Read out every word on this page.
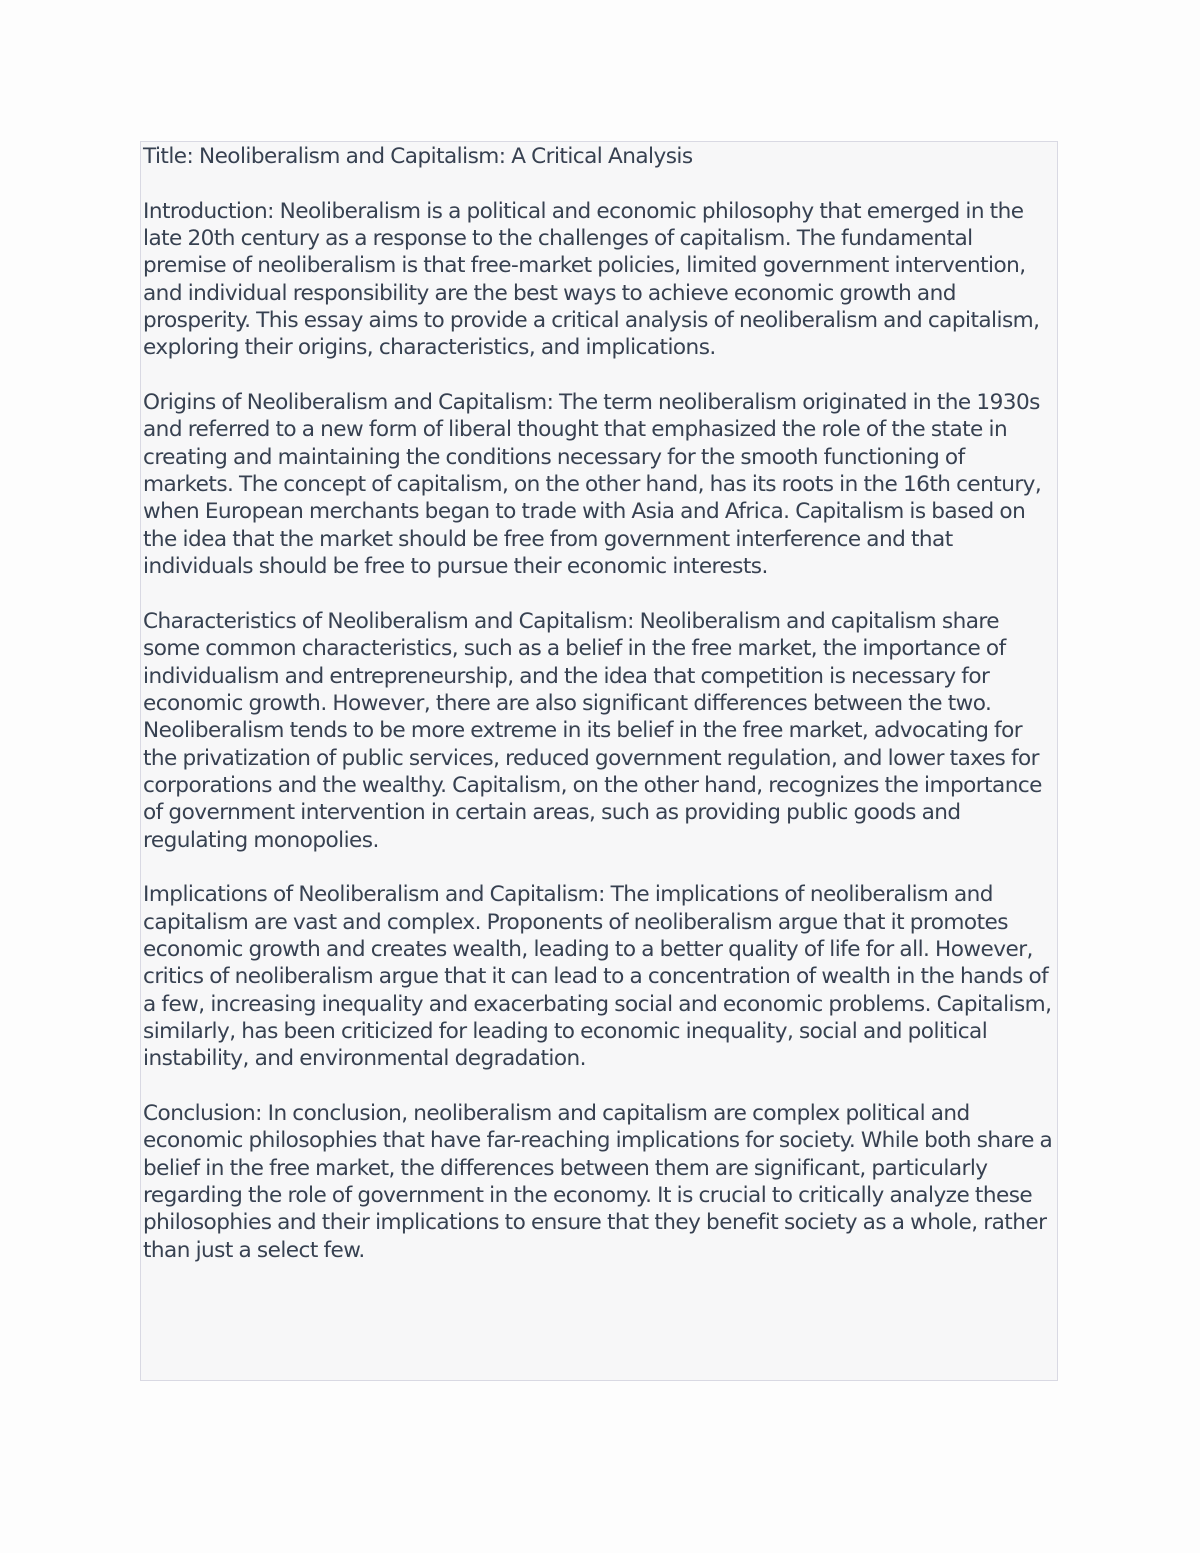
Title: Neoliberalism and Capitalism: A Critical Analysis

Introduction: Neoliberalism is a political and economic philosophy that emerged in the late 20th century as a response to the challenges of capitalism. The fundamental premise of neoliberalism is that free-market policies, limited government intervention, and individual responsibility are the best ways to achieve economic growth and prosperity. This essay aims to provide a critical analysis of neoliberalism and capitalism, exploring their origins, characteristics, and implications.

Origins of Neoliberalism and Capitalism: The term neoliberalism originated in the 1930s and referred to a new form of liberal thought that emphasized the role of the state in creating and maintaining the conditions necessary for the smooth functioning of markets. The concept of capitalism, on the other hand, has its roots in the 16th century, when European merchants began to trade with Asia and Africa. Capitalism is based on the idea that the market should be free from government interference and that individuals should be free to pursue their economic interests.

Characteristics of Neoliberalism and Capitalism: Neoliberalism and capitalism share some common characteristics, such as a belief in the free market, the importance of individualism and entrepreneurship, and the idea that competition is necessary for economic growth. However, there are also significant differences between the two. Neoliberalism tends to be more extreme in its belief in the free market, advocating for the privatization of public services, reduced government regulation, and lower taxes for corporations and the wealthy. Capitalism, on the other hand, recognizes the importance of government intervention in certain areas, such as providing public goods and regulating monopolies.

Implications of Neoliberalism and Capitalism: The implications of neoliberalism and capitalism are vast and complex. Proponents of neoliberalism argue that it promotes economic growth and creates wealth, leading to a better quality of life for all. However, critics of neoliberalism argue that it can lead to a concentration of wealth in the hands of a few, increasing inequality and exacerbating social and economic problems. Capitalism, similarly, has been criticized for leading to economic inequality, social and political instability, and environmental degradation.

Conclusion: In conclusion, neoliberalism and capitalism are complex political and economic philosophies that have far-reaching implications for society. While both share a belief in the free market, the differences between them are significant, particularly regarding the role of government in the economy. It is crucial to critically analyze these philosophies and their implications to ensure that they benefit society as a whole, rather than just a select few.
